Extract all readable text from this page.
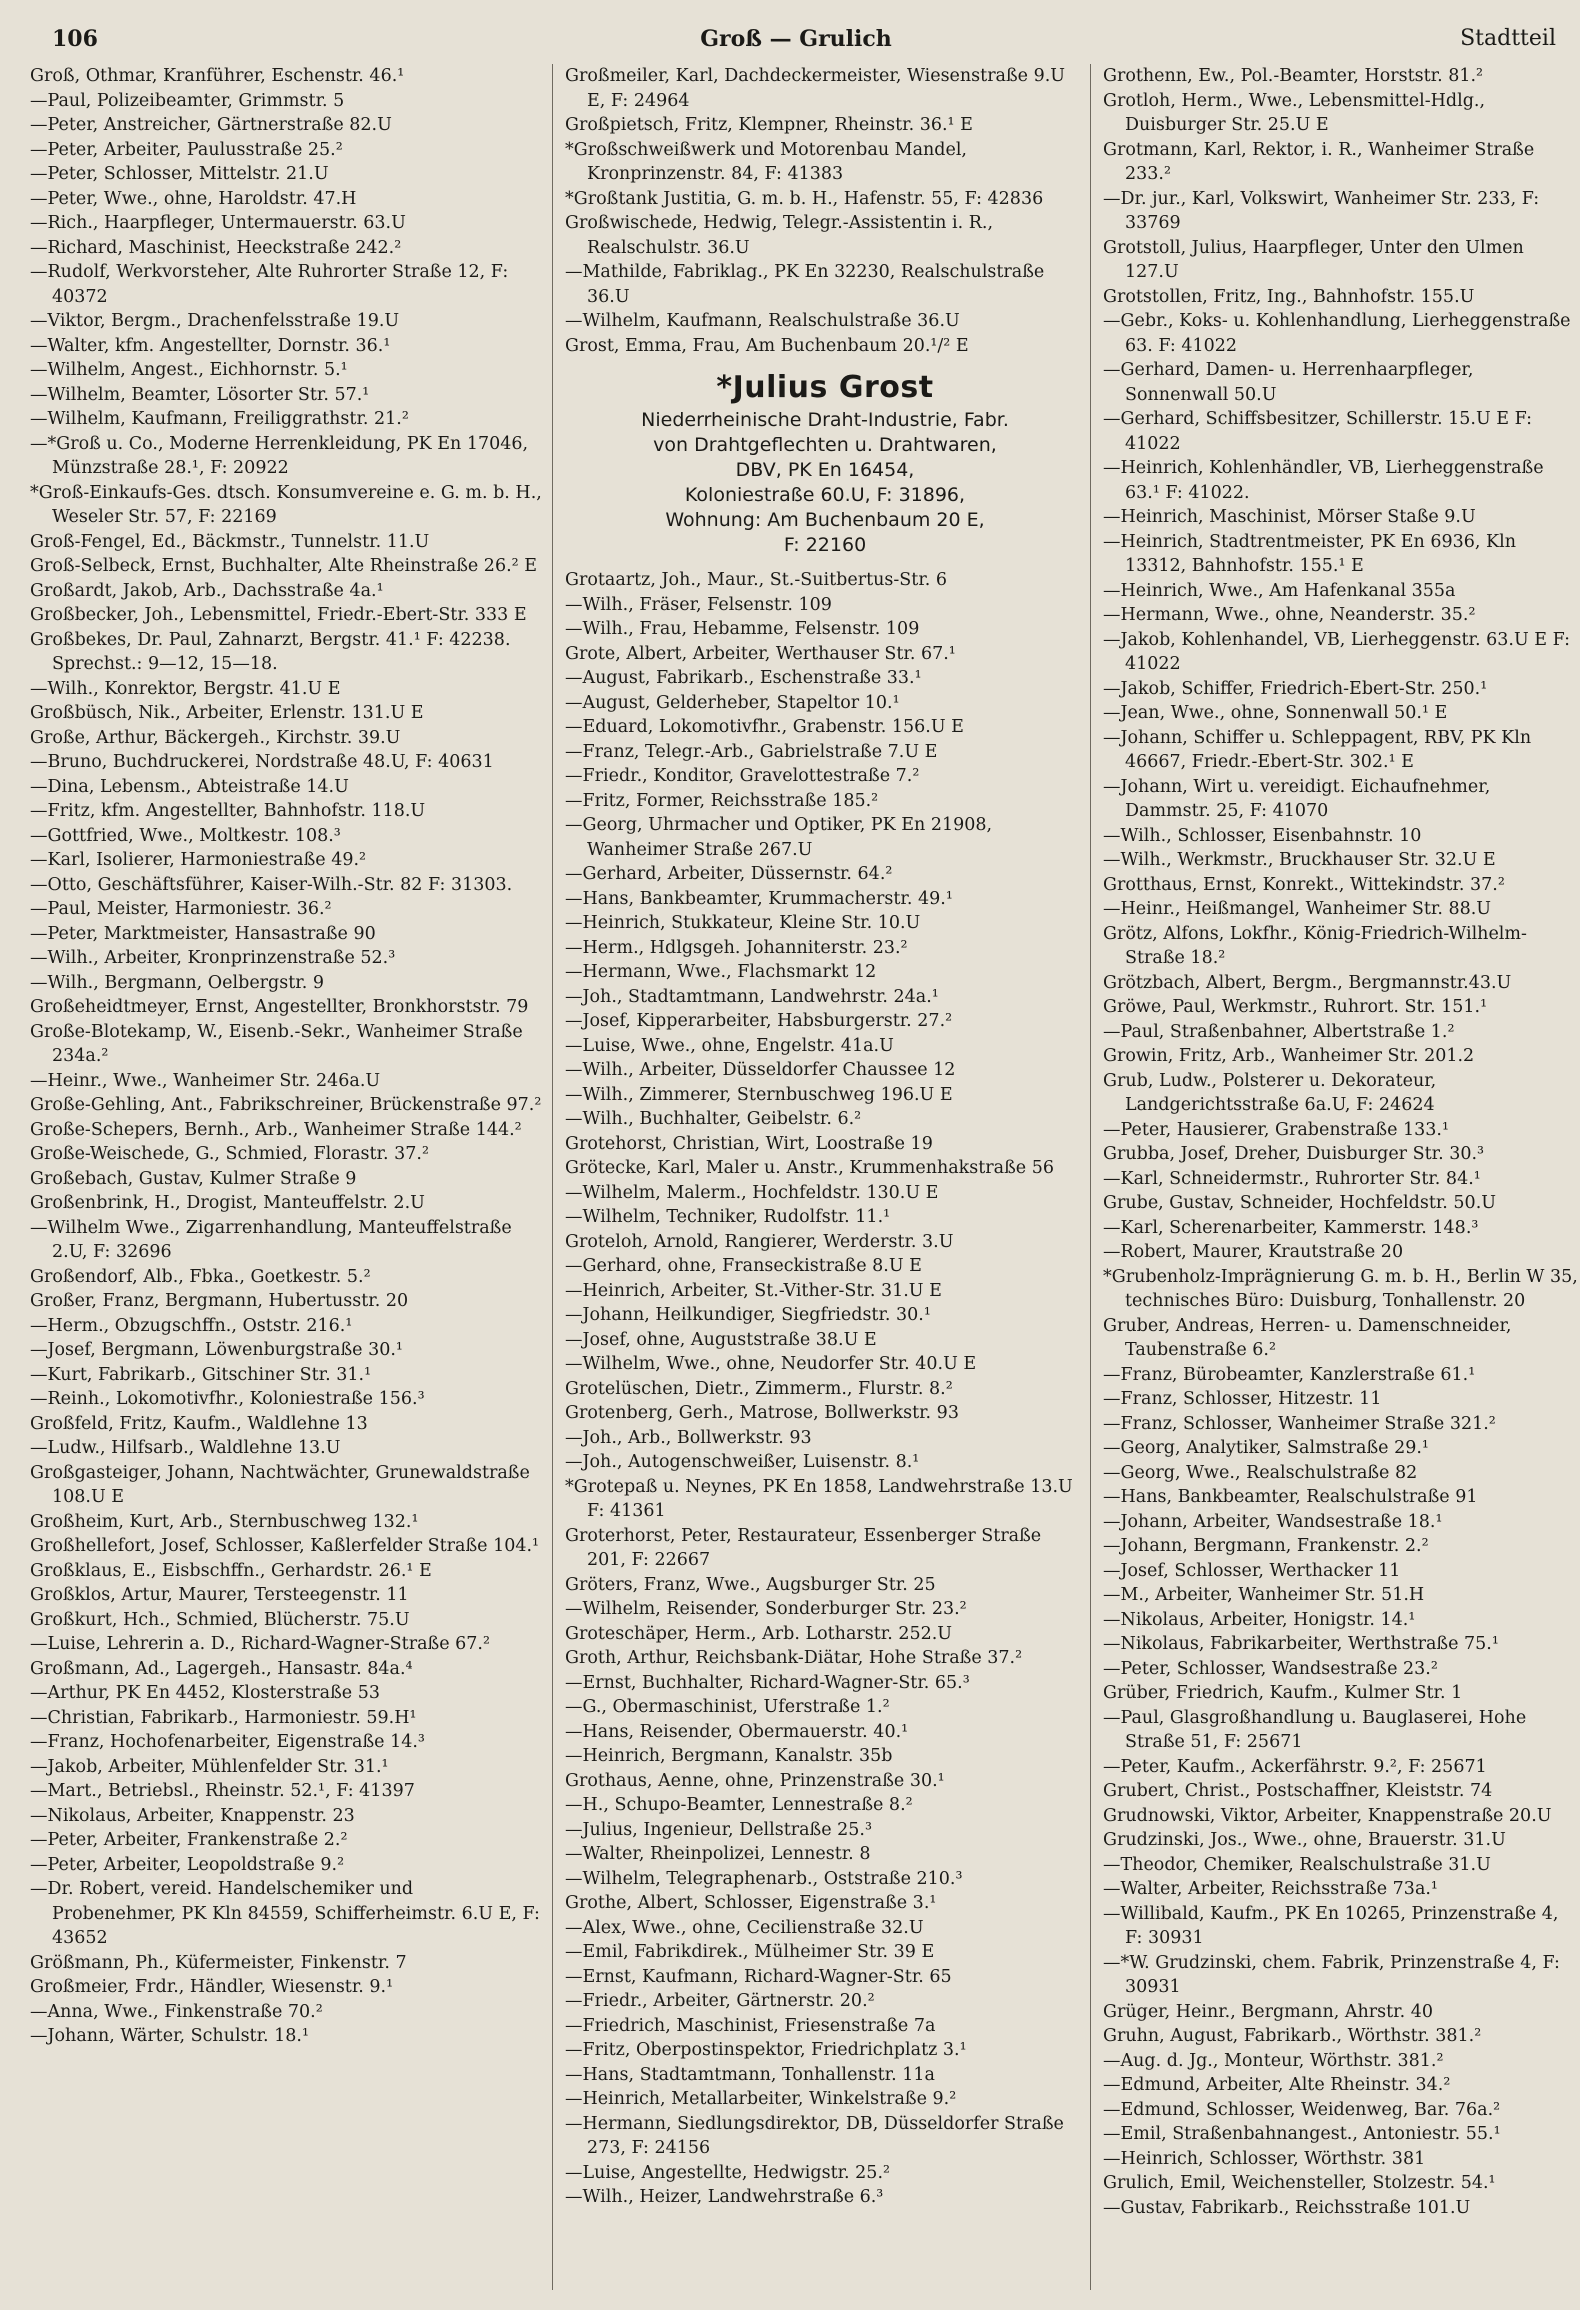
106	Groß — Grulich	Stadtteil
Groß, Othmar, Kranführer, Eschenstr. 46.¹
—Paul, Polizeibeamter, Grimmstr. 5
—Peter, Anstreicher, Gärtnerstraße 82.U
—Peter, Arbeiter, Paulusstraße 25.²
—Peter, Schlosser, Mittelstr. 21.U
—Peter, Wwe., ohne, Haroldstr. 47.H
—Rich., Haarpfleger, Untermauerstr. 63.U
—Richard, Maschinist, Heeckstraße 242.²
—Rudolf, Werkvorsteher, Alte Ruhrorter Straße 12, F: 40372
—Viktor, Bergm., Drachenfelsstraße 19.U
—Walter, kfm. Angestellter, Dornstr. 36.¹
—Wilhelm, Angest., Eichhornstr. 5.¹
—Wilhelm, Beamter, Lösorter Str. 57.¹
—Wilhelm, Kaufmann, Freiliggrathstr. 21.²
—*Groß u. Co., Moderne Herrenkleidung, PK En 17046, Münzstraße 28.¹, F: 20922
*Groß-Einkaufs-Ges. dtsch. Konsumvereine e. G. m. b. H., Weseler Str. 57, F: 22169
Groß-Fengel, Ed., Bäckmstr., Tunnelstr. 11.U
Groß-Selbeck, Ernst, Buchhalter, Alte Rheinstraße 26.² E
Großardt, Jakob, Arb., Dachsstraße 4a.¹
Großbecker, Joh., Lebensmittel, Friedr.-Ebert-Str. 333 E
Großbekes, Dr. Paul, Zahnarzt, Bergstr. 41.¹ F: 42238. Sprechst.: 9—12, 15—18.
—Wilh., Konrektor, Bergstr. 41.U E
Großbüsch, Nik., Arbeiter, Erlenstr. 131.U E
Große, Arthur, Bäckergeh., Kirchstr. 39.U
—Bruno, Buchdruckerei, Nordstraße 48.U, F: 40631
—Dina, Lebensm., Abteistraße 14.U
—Fritz, kfm. Angestellter, Bahnhofstr. 118.U
—Gottfried, Wwe., Moltkestr. 108.³
—Karl, Isolierer, Harmoniestraße 49.²
—Otto, Geschäftsführer, Kaiser-Wilh.-Str. 82 F: 31303.
—Paul, Meister, Harmoniestr. 36.²
—Peter, Marktmeister, Hansastraße 90
—Wilh., Arbeiter, Kronprinzenstraße 52.³
—Wilh., Bergmann, Oelbergstr. 9
Großeheidtmeyer, Ernst, Angestellter, Bronkhorststr. 79
Große-Blotekamp, W., Eisenb.-Sekr., Wanheimer Straße 234a.²
—Heinr., Wwe., Wanheimer Str. 246a.U
Große-Gehling, Ant., Fabrikschreiner, Brückenstraße 97.²
Große-Schepers, Bernh., Arb., Wanheimer Straße 144.²
Große-Weischede, G., Schmied, Florastr. 37.²
Großebach, Gustav, Kulmer Straße 9
Großenbrink, H., Drogist, Manteuffelstr. 2.U
—Wilhelm Wwe., Zigarrenhandlung, Manteuffelstraße 2.U, F: 32696
Großendorf, Alb., Fbka., Goetkestr. 5.²
Großer, Franz, Bergmann, Hubertusstr. 20
—Herm., Obzugschffn., Oststr. 216.¹
—Josef, Bergmann, Löwenburgstraße 30.¹
—Kurt, Fabrikarb., Gitschiner Str. 31.¹
—Reinh., Lokomotivfhr., Koloniestraße 156.³
Großfeld, Fritz, Kaufm., Waldlehne 13
—Ludw., Hilfsarb., Waldlehne 13.U
Großgasteiger, Johann, Nachtwächter, Grunewaldstraße 108.U E
Großheim, Kurt, Arb., Sternbuschweg 132.¹
Großhellefort, Josef, Schlosser, Kaßlerfelder Straße 104.¹
Großklaus, E., Eisbschffn., Gerhardstr. 26.¹ E
Großklos, Artur, Maurer, Tersteegenstr. 11
Großkurt, Hch., Schmied, Blücherstr. 75.U
—Luise, Lehrerin a. D., Richard-Wagner-Straße 67.²
Großmann, Ad., Lagergeh., Hansastr. 84a.⁴
—Arthur, PK En 4452, Klosterstraße 53
—Christian, Fabrikarb., Harmoniestr. 59.H¹
—Franz, Hochofenarbeiter, Eigenstraße 14.³
—Jakob, Arbeiter, Mühlenfelder Str. 31.¹
—Mart., Betriebsl., Rheinstr. 52.¹, F: 41397
—Nikolaus, Arbeiter, Knappenstr. 23
—Peter, Arbeiter, Frankenstraße 2.²
—Peter, Arbeiter, Leopoldstraße 9.²
—Dr. Robert, vereid. Handelschemiker und Probenehmer, PK Kln 84559, Schifferheimstr. 6.U E, F: 43652
Größmann, Ph., Küfermeister, Finkenstr. 7
Großmeier, Frdr., Händler, Wiesenstr. 9.¹
—Anna, Wwe., Finkenstraße 70.²
—Johann, Wärter, Schulstr. 18.¹
Großmeiler, Karl, Dachdeckermeister, Wiesenstraße 9.U E, F: 24964
Großpietsch, Fritz, Klempner, Rheinstr. 36.¹ E
*Großschweißwerk und Motorenbau Mandel, Kronprinzenstr. 84, F: 41383
*Großtank Justitia, G. m. b. H., Hafenstr. 55, F: 42836
Großwischede, Hedwig, Telegr.-Assistentin i. R., Realschulstr. 36.U
—Mathilde, Fabriklag., PK En 32230, Realschulstraße 36.U
—Wilhelm, Kaufmann, Realschulstraße 36.U
Grost, Emma, Frau, Am Buchenbaum 20.¹/² E
*Julius Grost
Niederrheinische Draht-Industrie, Fabr.
von Drahtgeflechten u. Drahtwaren,
DBV, PK En 16454,
Koloniestraße 60.U, F: 31896,
Wohnung: Am Buchenbaum 20 E,
F: 22160
Grotaartz, Joh., Maur., St.-Suitbertus-Str. 6
—Wilh., Fräser, Felsenstr. 109
—Wilh., Frau, Hebamme, Felsenstr. 109
Grote, Albert, Arbeiter, Werthauser Str. 67.¹
—August, Fabrikarb., Eschenstraße 33.¹
—August, Gelderheber, Stapeltor 10.¹
—Eduard, Lokomotivfhr., Grabenstr. 156.U E
—Franz, Telegr.-Arb., Gabrielstraße 7.U E
—Friedr., Konditor, Gravelottestraße 7.²
—Fritz, Former, Reichsstraße 185.²
—Georg, Uhrmacher und Optiker, PK En 21908, Wanheimer Straße 267.U
—Gerhard, Arbeiter, Düssernstr. 64.²
—Hans, Bankbeamter, Krummacherstr. 49.¹
—Heinrich, Stukkateur, Kleine Str. 10.U
—Herm., Hdlgsgeh. Johanniterstr. 23.²
—Hermann, Wwe., Flachsmarkt 12
—Joh., Stadtamtmann, Landwehrstr. 24a.¹
—Josef, Kipperarbeiter, Habsburgerstr. 27.²
—Luise, Wwe., ohne, Engelstr. 41a.U
—Wilh., Arbeiter, Düsseldorfer Chaussee 12
—Wilh., Zimmerer, Sternbuschweg 196.U E
—Wilh., Buchhalter, Geibelstr. 6.²
Grotehorst, Christian, Wirt, Loostraße 19
Grötecke, Karl, Maler u. Anstr., Krummenhakstraße 56
—Wilhelm, Malerm., Hochfeldstr. 130.U E
—Wilhelm, Techniker, Rudolfstr. 11.¹
Groteloh, Arnold, Rangierer, Werderstr. 3.U
—Gerhard, ohne, Franseckistraße 8.U E
—Heinrich, Arbeiter, St.-Vither-Str. 31.U E
—Johann, Heilkundiger, Siegfriedstr. 30.¹
—Josef, ohne, Auguststraße 38.U E
—Wilhelm, Wwe., ohne, Neudorfer Str. 40.U E
Grotelüschen, Dietr., Zimmerm., Flurstr. 8.²
Grotenberg, Gerh., Matrose, Bollwerkstr. 93
—Joh., Arb., Bollwerkstr. 93
—Joh., Autogenschweißer, Luisenstr. 8.¹
*Grotepaß u. Neynes, PK En 1858, Landwehrstraße 13.U F: 41361
Groterhorst, Peter, Restaurateur, Essenberger Straße 201, F: 22667
Gröters, Franz, Wwe., Augsburger Str. 25
—Wilhelm, Reisender, Sonderburger Str. 23.²
Groteschäper, Herm., Arb. Lotharstr. 252.U
Groth, Arthur, Reichsbank-Diätar, Hohe Straße 37.²
—Ernst, Buchhalter, Richard-Wagner-Str. 65.³
—G., Obermaschinist, Uferstraße 1.²
—Hans, Reisender, Obermauerstr. 40.¹
—Heinrich, Bergmann, Kanalstr. 35b
Grothaus, Aenne, ohne, Prinzenstraße 30.¹
—H., Schupo-Beamter, Lennestraße 8.²
—Julius, Ingenieur, Dellstraße 25.³
—Walter, Rheinpolizei, Lennestr. 8
—Wilhelm, Telegraphenarb., Oststraße 210.³
Grothe, Albert, Schlosser, Eigenstraße 3.¹
—Alex, Wwe., ohne, Cecilienstraße 32.U
—Emil, Fabrikdirek., Mülheimer Str. 39 E
—Ernst, Kaufmann, Richard-Wagner-Str. 65
—Friedr., Arbeiter, Gärtnerstr. 20.²
—Friedrich, Maschinist, Friesenstraße 7a
—Fritz, Oberpostinspektor, Friedrichplatz 3.¹
—Hans, Stadtamtmann, Tonhallenstr. 11a
—Heinrich, Metallarbeiter, Winkelstraße 9.²
—Hermann, Siedlungsdirektor, DB, Düsseldorfer Straße 273, F: 24156
—Luise, Angestellte, Hedwigstr. 25.²
—Wilh., Heizer, Landwehrstraße 6.³
Grothenn, Ew., Pol.-Beamter, Horststr. 81.²
Grotloh, Herm., Wwe., Lebensmittel-Hdlg., Duisburger Str. 25.U E
Grotmann, Karl, Rektor, i. R., Wanheimer Straße 233.²
—Dr. jur., Karl, Volkswirt, Wanheimer Str. 233, F: 33769
Grotstoll, Julius, Haarpfleger, Unter den Ulmen 127.U
Grotstollen, Fritz, Ing., Bahnhofstr. 155.U
—Gebr., Koks- u. Kohlenhandlung, Lierheggenstraße 63. F: 41022
—Gerhard, Damen- u. Herrenhaarpfleger, Sonnenwall 50.U
—Gerhard, Schiffsbesitzer, Schillerstr. 15.U E F: 41022
—Heinrich, Kohlenhändler, VB, Lierheggenstraße 63.¹ F: 41022.
—Heinrich, Maschinist, Mörser Staße 9.U
—Heinrich, Stadtrentmeister, PK En 6936, Kln 13312, Bahnhofstr. 155.¹ E
—Heinrich, Wwe., Am Hafenkanal 355a
—Hermann, Wwe., ohne, Neanderstr. 35.²
—Jakob, Kohlenhandel, VB, Lierheggenstr. 63.U E F: 41022
—Jakob, Schiffer, Friedrich-Ebert-Str. 250.¹
—Jean, Wwe., ohne, Sonnenwall 50.¹ E
—Johann, Schiffer u. Schleppagent, RBV, PK Kln 46667, Friedr.-Ebert-Str. 302.¹ E
—Johann, Wirt u. vereidigt. Eichaufnehmer, Dammstr. 25, F: 41070
—Wilh., Schlosser, Eisenbahnstr. 10
—Wilh., Werkmstr., Bruckhauser Str. 32.U E
Grotthaus, Ernst, Konrekt., Wittekindstr. 37.²
—Heinr., Heißmangel, Wanheimer Str. 88.U
Grötz, Alfons, Lokfhr., König-Friedrich-Wilhelm-Straße 18.²
Grötzbach, Albert, Bergm., Bergmannstr.43.U
Gröwe, Paul, Werkmstr., Ruhrort. Str. 151.¹
—Paul, Straßenbahner, Albertstraße 1.²
Growin, Fritz, Arb., Wanheimer Str. 201.2
Grub, Ludw., Polsterer u. Dekorateur, Landgerichtsstraße 6a.U, F: 24624
—Peter, Hausierer, Grabenstraße 133.¹
Grubba, Josef, Dreher, Duisburger Str. 30.³
—Karl, Schneidermstr., Ruhrorter Str. 84.¹
Grube, Gustav, Schneider, Hochfeldstr. 50.U
—Karl, Scherenarbeiter, Kammerstr. 148.³
—Robert, Maurer, Krautstraße 20
*Grubenholz-Imprägnierung G. m. b. H., Berlin W 35, technisches Büro: Duisburg, Tonhallenstr. 20
Gruber, Andreas, Herren- u. Damenschneider, Taubenstraße 6.²
—Franz, Bürobeamter, Kanzlerstraße 61.¹
—Franz, Schlosser, Hitzestr. 11
—Franz, Schlosser, Wanheimer Straße 321.²
—Georg, Analytiker, Salmstraße 29.¹
—Georg, Wwe., Realschulstraße 82
—Hans, Bankbeamter, Realschulstraße 91
—Johann, Arbeiter, Wandsestraße 18.¹
—Johann, Bergmann, Frankenstr. 2.²
—Josef, Schlosser, Werthacker 11
—M., Arbeiter, Wanheimer Str. 51.H
—Nikolaus, Arbeiter, Honigstr. 14.¹
—Nikolaus, Fabrikarbeiter, Werthstraße 75.¹
—Peter, Schlosser, Wandsestraße 23.²
Grüber, Friedrich, Kaufm., Kulmer Str. 1
—Paul, Glasgroßhandlung u. Bauglaserei, Hohe Straße 51, F: 25671
—Peter, Kaufm., Ackerfährstr. 9.², F: 25671
Grubert, Christ., Postschaffner, Kleiststr. 74
Grudnowski, Viktor, Arbeiter, Knappenstraße 20.U
Grudzinski, Jos., Wwe., ohne, Brauerstr. 31.U
—Theodor, Chemiker, Realschulstraße 31.U
—Walter, Arbeiter, Reichsstraße 73a.¹
—Willibald, Kaufm., PK En 10265, Prinzenstraße 4, F: 30931
—*W. Grudzinski, chem. Fabrik, Prinzenstraße 4, F: 30931
Grüger, Heinr., Bergmann, Ahrstr. 40
Gruhn, August, Fabrikarb., Wörthstr. 381.²
—Aug. d. Jg., Monteur, Wörthstr. 381.²
—Edmund, Arbeiter, Alte Rheinstr. 34.²
—Edmund, Schlosser, Weidenweg, Bar. 76a.²
—Emil, Straßenbahnangest., Antoniestr. 55.¹
—Heinrich, Schlosser, Wörthstr. 381
Grulich, Emil, Weichensteller, Stolzestr. 54.¹
—Gustav, Fabrikarb., Reichsstraße 101.U
